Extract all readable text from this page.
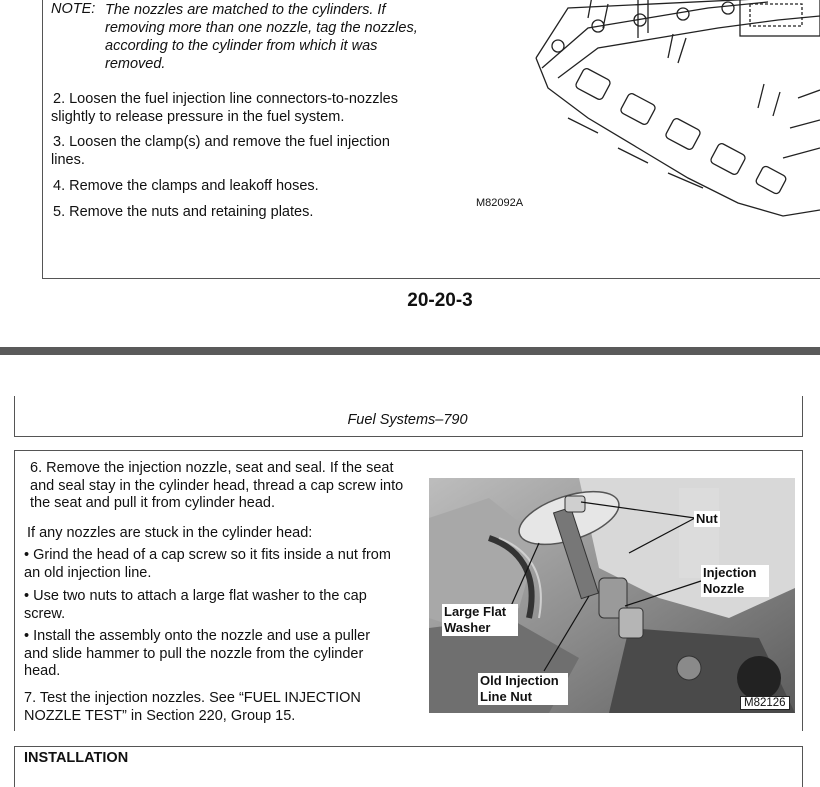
NOTE: The nozzles are matched to the cylinders. If removing more than one nozzle, tag the nozzles, according to the cylinder from which it was removed.
2. Loosen the fuel injection line connectors-to-nozzles slightly to release pressure in the fuel system.
3. Loosen the clamp(s) and remove the fuel injection lines.
4. Remove the clamps and leakoff hoses.
5. Remove the nuts and retaining plates.
M82092A
20-20-3
Fuel Systems–790
6. Remove the injection nozzle, seat and seal. If the seat and seal stay in the cylinder head, thread a cap screw into the seat and pull it from cylinder head.
If any nozzles are stuck in the cylinder head:
• Grind the head of a cap screw so it fits inside a nut from an old injection line.
• Use two nuts to attach a large flat washer to the cap screw.
• Install the assembly onto the nozzle and use a puller and slide hammer to pull the nozzle from the cylinder head.
7. Test the injection nozzles. See “FUEL INJECTION NOZZLE TEST” in Section 220, Group 15.
Nut
Injection Nozzle
Large Flat Washer
Old Injection Line Nut	M82126
INSTALLATION
